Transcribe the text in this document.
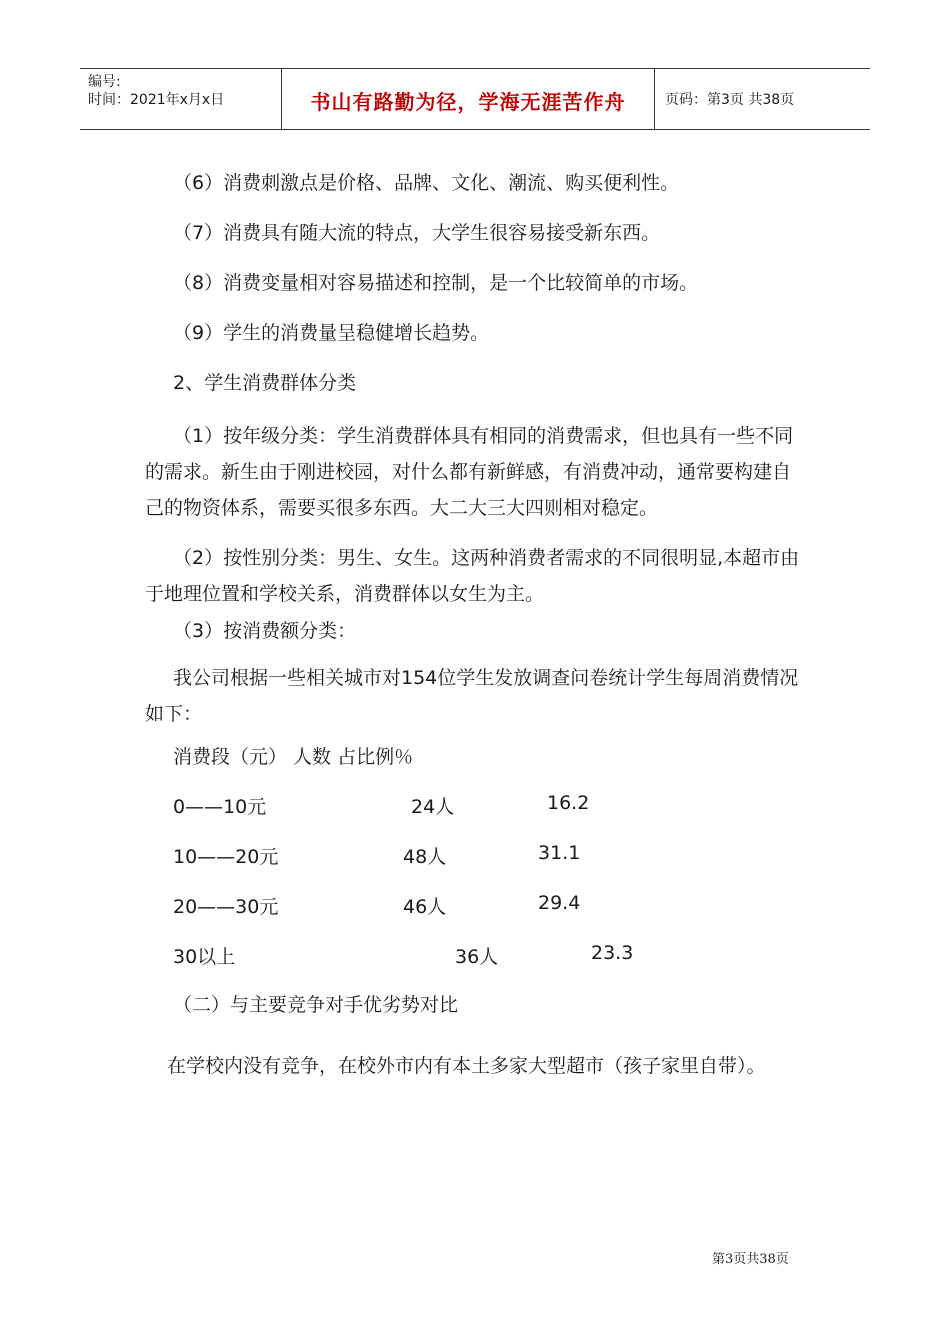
编号:
时间：2021年x月x日	书山有路勤为径，学海无涯苦作舟	页码：第3页 共38页
（6）消费刺激点是价格、品牌、文化、潮流、购买便利性。
（7）消费具有随大流的特点，大学生很容易接受新东西。
（8）消费变量相对容易描述和控制，是一个比较简单的市场。
（9）学生的消费量呈稳健增长趋势。
2、学生消费群体分类
（1）按年级分类：学生消费群体具有相同的消费需求，但也具有一些不同的需求。新生由于刚进校园，对什么都有新鲜感，有消费冲动，通常要构建自己的物资体系，需要买很多东西。大二大三大四则相对稳定。
（2）按性别分类：男生、女生。这两种消费者需求的不同很明显,本超市由于地理位置和学校关系，消费群体以女生为主。
（3）按消费额分类：
我公司根据一些相关城市对154位学生发放调查问卷统计学生每周消费情况如下：
消费段（元） 人数 占比例％
0——10元	24人	16.2
10——20元	48人	31.1
20——30元	46人	29.4
30以上	36人	23.3
（二）与主要竞争对手优劣势对比
在学校内没有竞争，在校外市内有本土多家大型超市（孩子家里自带）。
第3页共38页
